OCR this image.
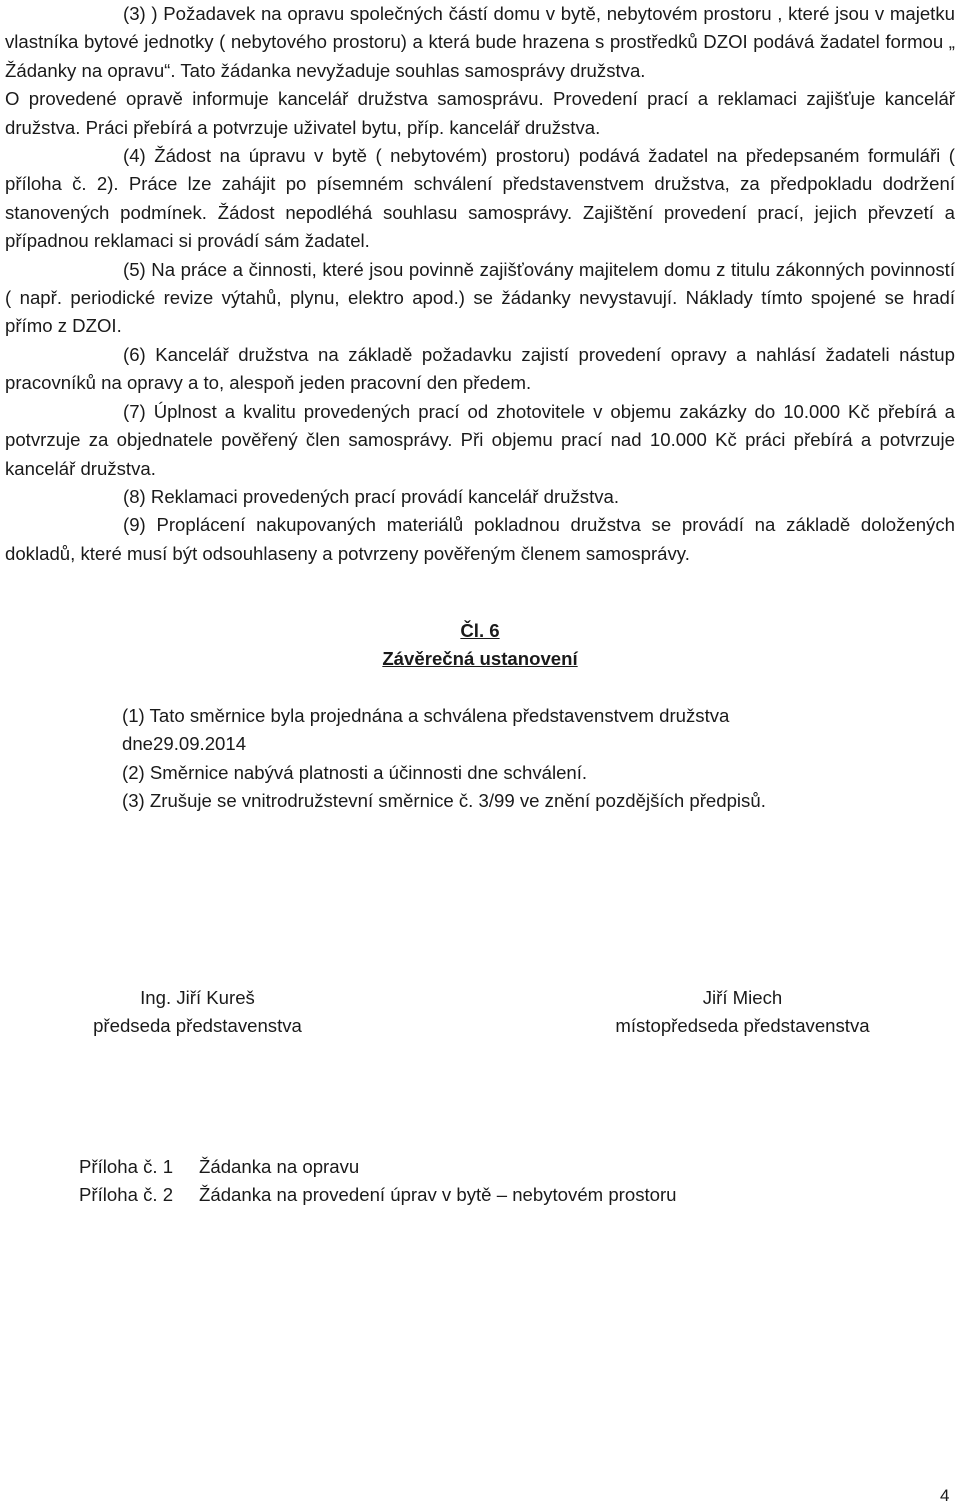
(3) ) Požadavek na opravu společných částí domu v bytě, nebytovém prostoru , které jsou v majetku vlastníka bytové jednotky ( nebytového prostoru) a která bude hrazena s prostředků DZOI podává žadatel formou „ Žádanky na opravu“. Tato žádanka nevyžaduje souhlas samosprávy družstva.

O provedené opravě informuje kancelář družstva samosprávu. Provedení prací a reklamaci zajišťuje kancelář družstva. Práci přebírá a potvrzuje uživatel bytu, příp. kancelář družstva.

(4) Žádost na úpravu v bytě ( nebytovém) prostoru) podává žadatel na předepsaném formuláři ( příloha č. 2). Práce lze zahájit po písemném schválení představenstvem družstva, za předpokladu dodržení stanovených podmínek. Žádost nepodléhá souhlasu samosprávy. Zajištění provedení prací, jejich převzetí a případnou reklamaci si provádí sám žadatel.

(5) Na práce a činnosti, které jsou povinně zajišťovány majitelem domu z titulu zákonných povinností ( např. periodické revize výtahů, plynu, elektro apod.) se žádanky nevystavují. Náklady tímto spojené se hradí přímo z DZOI.

(6) Kancelář družstva na základě požadavku zajistí provedení opravy a nahlásí žadateli nástup pracovníků na opravy a to, alespoň jeden pracovní den předem.

(7) Úplnost a kvalitu provedených prací od zhotovitele v objemu zakázky do 10.000 Kč přebírá a potvrzuje za objednatele pověřený člen samosprávy. Při objemu prací nad 10.000 Kč práci přebírá a potvrzuje kancelář družstva.

(8) Reklamaci provedených prací provádí kancelář družstva.

(9) Proplácení nakupovaných materiálů pokladnou družstva se provádí na základě doložených dokladů, které musí být odsouhlaseny a potvrzeny pověřeným členem samosprávy.

Čl. 6
Závěrečná ustanovení

(1) Tato směrnice byla projednána a schválena představenstvem družstva

dne29.09.2014

(2) Směrnice nabývá platnosti a účinnosti dne schválení.

(3) Zrušuje se vnitrodružstevní směrnice č. 3/99 ve znění pozdějších předpisů.

Ing. Jiří Kureš
předseda představenstva
Jiří Miech
místopředseda představenstva
Příloha č. 1	Žádanka na opravu
Příloha č. 2	Žádanka na provedení úprav v bytě – nebytovém prostoru
4
